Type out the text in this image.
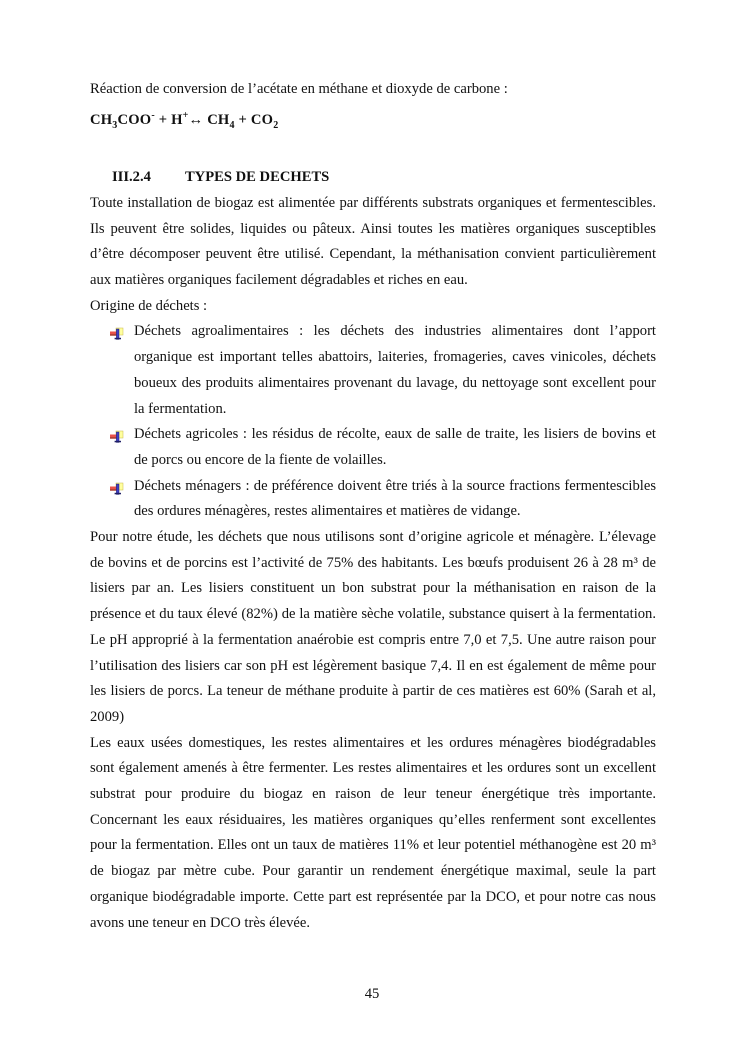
Réaction de conversion de l’acétate en méthane et dioxyde de carbone :

$CH_3COO^-$ + H+↔ $CH_4 + CO_2$

III.2.4 TYPES DE DECHETS

Toute installation de biogaz est alimentée par différents substrats organiques et fermentescibles. Ils peuvent être solides, liquides ou pâteux. Ainsi toutes les matières organiques susceptibles d’être décomposer peuvent être utilisé. Cependant, la méthanisation convient particulièrement aux matières organiques facilement dégradables et riches en eau.

Origine de déchets :

Déchets agroalimentaires : les déchets des industries alimentaires dont l’apport organique est important telles abattoirs, laiteries, fromageries, caves vinicoles, déchets boueux des produits alimentaires provenant du lavage, du nettoyage sont excellent pour la fermentation.
Déchets agricoles : les résidus de récolte, eaux de salle de traite, les lisiers de bovins et de porcs ou encore de la fiente de volailles.
Déchets ménagers : de préférence doivent être triés à la source fractions fermentescibles des ordures ménagères, restes alimentaires et matières de vidange.

Pour notre étude, les déchets que nous utilisons sont d’origine agricole et ménagère. L’élevage de bovins et de porcins est l’activité de 75% des habitants. Les bœufs produisent 26 à 28 m³ de lisiers par an. Les lisiers constituent un bon substrat pour la méthanisation en raison de la présence et du taux élevé (82%) de la matière sèche volatile, substance quisert à la fermentation. Le pH approprié à la fermentation anaérobie est compris entre 7,0 et 7,5. Une autre raison pour l’utilisation des lisiers car son pH est légèrement basique 7,4. Il en est également de même pour les lisiers de porcs. La teneur de méthane produite à partir de ces matières est 60% (Sarah et al, 2009)

Les eaux usées domestiques, les restes alimentaires et les ordures ménagères biodégradables sont également amenés à être fermenter. Les restes alimentaires et les ordures sont un excellent substrat pour produire du biogaz en raison de leur teneur énergétique très importante. Concernant les eaux résiduaires, les matières organiques qu’elles renferment sont excellentes pour la fermentation. Elles ont un taux de matières 11% et leur potentiel méthanogène est 20 m³ de biogaz par mètre cube. Pour garantir un rendement énergétique maximal, seule la part organique biodégradable importe. Cette part est représentée par la DCO, et pour notre cas nous avons une teneur en DCO très élevée.

45
